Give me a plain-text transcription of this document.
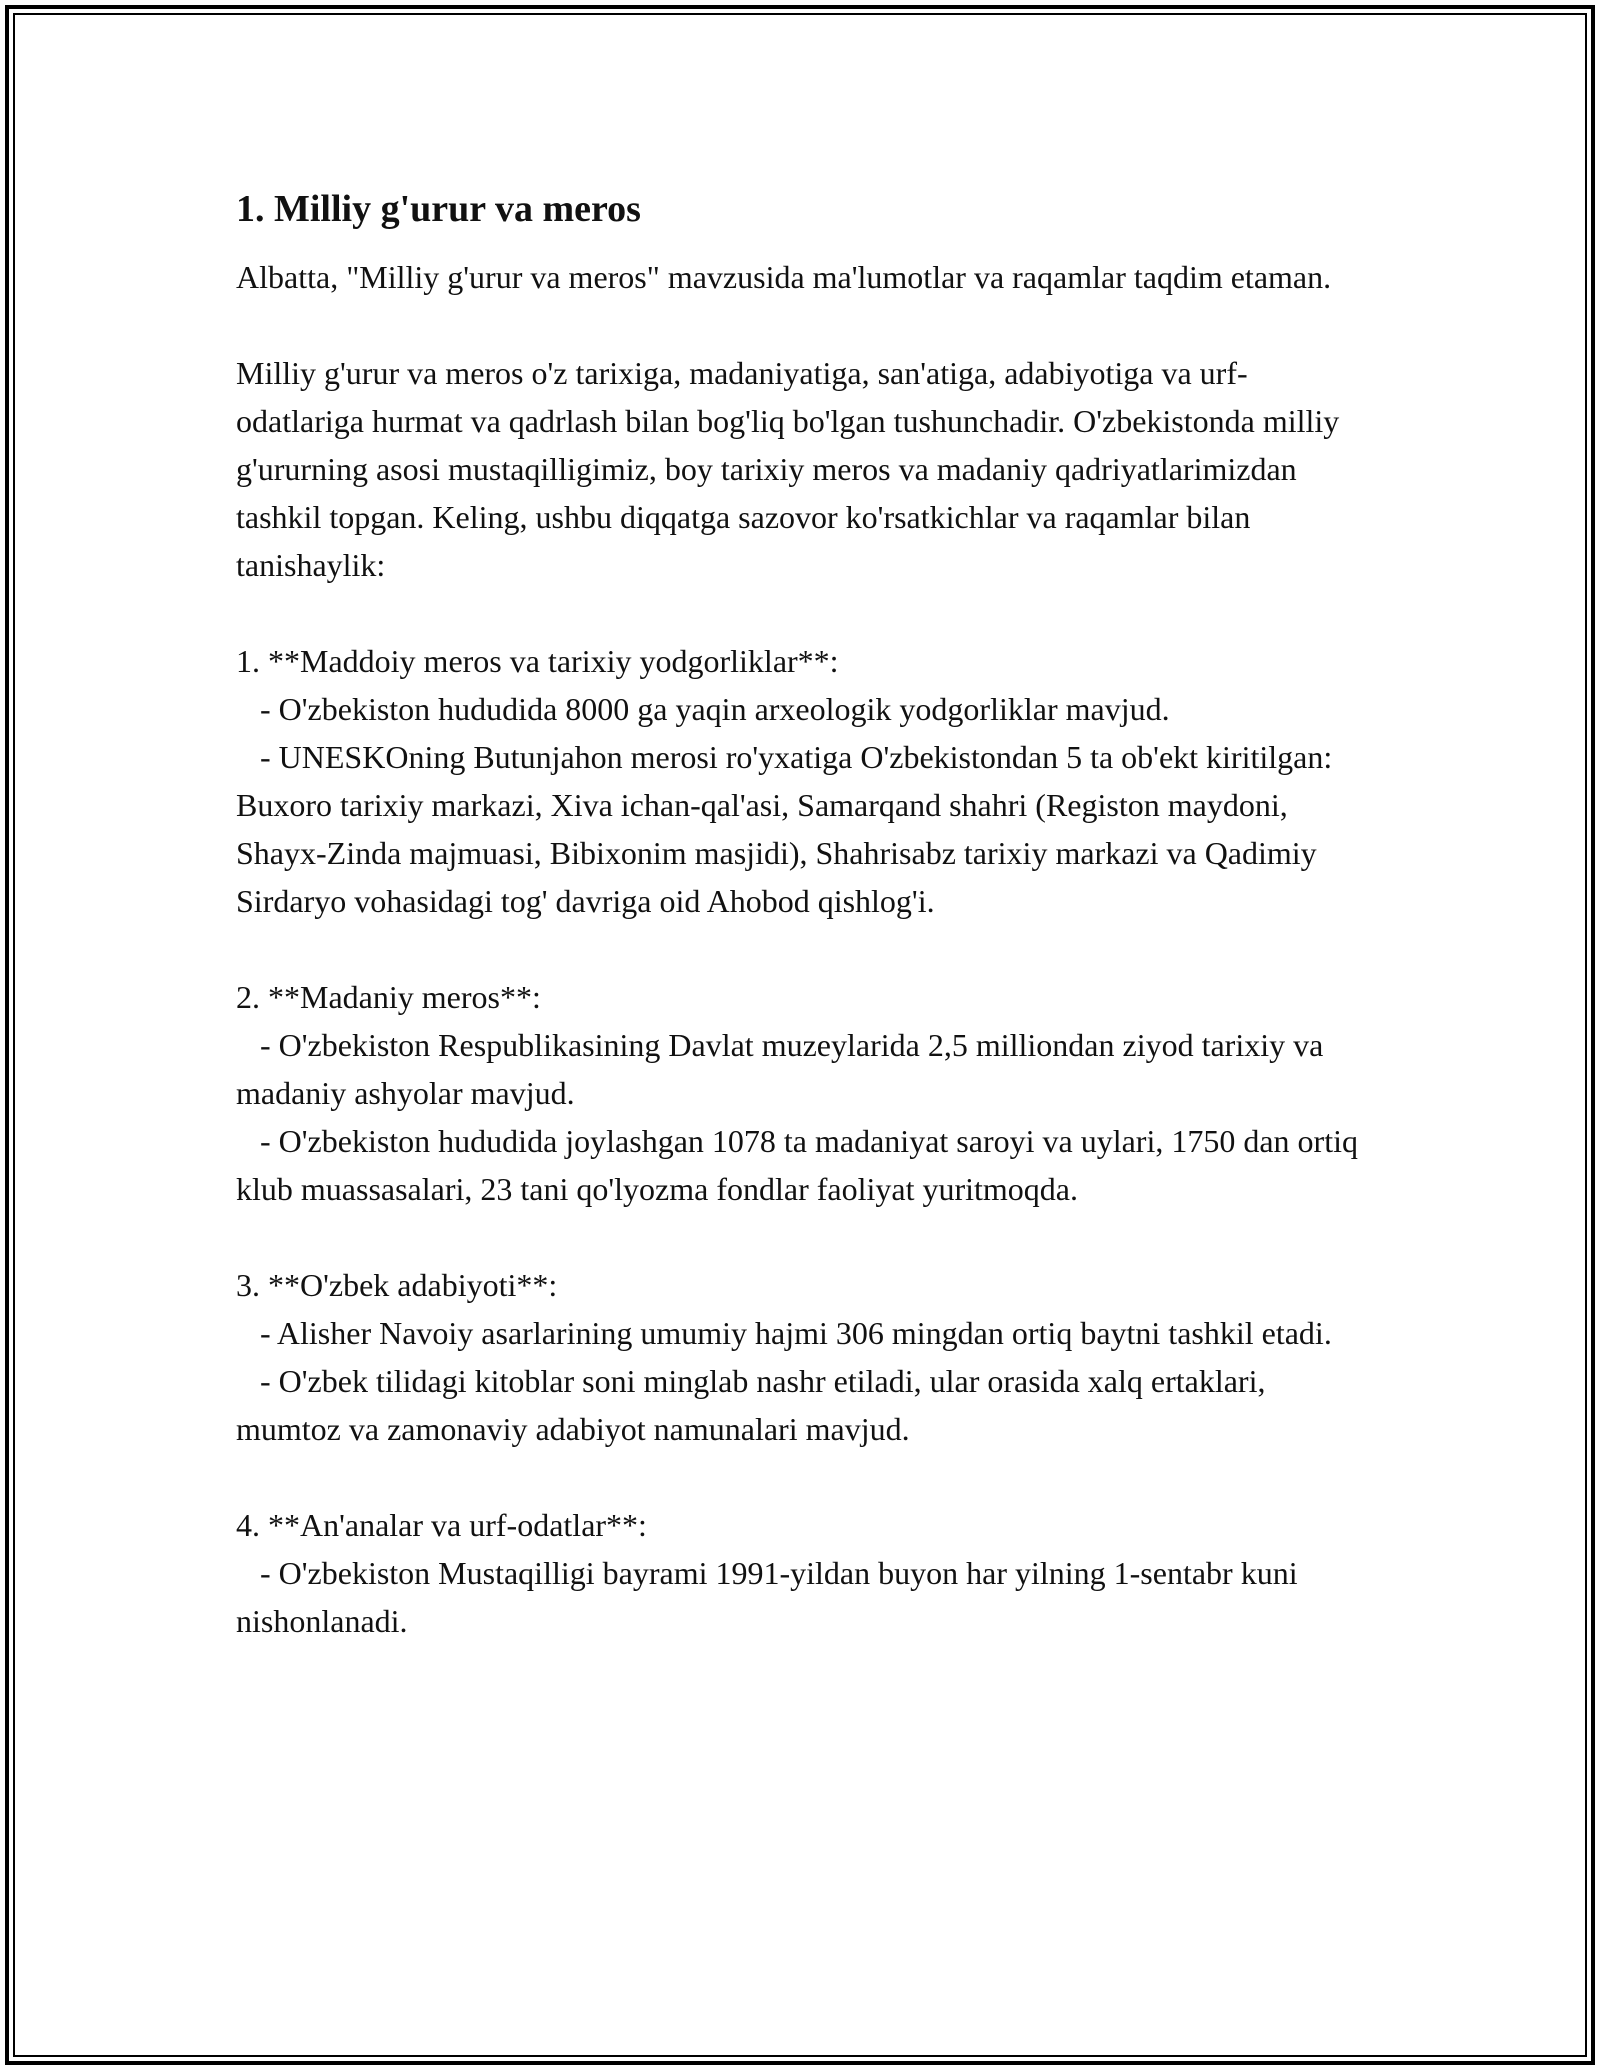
1. Milliy g'urur va meros

Albatta, "Milliy g'urur va meros" mavzusida ma'lumotlar va raqamlar taqdim etaman.

Milliy g'urur va meros o'z tarixiga, madaniyatiga, san'atiga, adabiyotiga va urf-odatlariga hurmat va qadrlash bilan bog'liq bo'lgan tushunchadir. O'zbekistonda milliy g'ururning asosi mustaqilligimiz, boy tarixiy meros va madaniy qadriyatlarimizdan tashkil topgan. Keling, ushbu diqqatga sazovor ko'rsatkichlar va raqamlar bilan tanishaylik:

1. **Maddoiy meros va tarixiy yodgorliklar**:

- O'zbekiston hududida 8000 ga yaqin arxeologik yodgorliklar mavjud.

- UNESKOning Butunjahon merosi ro'yxatiga O'zbekistondan 5 ta ob'ekt kiritilgan: Buxoro tarixiy markazi, Xiva ichan-qal'asi, Samarqand shahri (Registon maydoni, Shayx-Zinda majmuasi, Bibixonim masjidi), Shahrisabz tarixiy markazi va Qadimiy Sirdaryo vohasidagi tog' davriga oid Ahobod qishlog'i.

2. **Madaniy meros**:

- O'zbekiston Respublikasining Davlat muzeylarida 2,5 milliondan ziyod tarixiy va madaniy ashyolar mavjud.

- O'zbekiston hududida joylashgan 1078 ta madaniyat saroyi va uylari, 1750 dan ortiq klub muassasalari, 23 tani qo'lyozma fondlar faoliyat yuritmoqda.

3. **O'zbek adabiyoti**:

- Alisher Navoiy asarlarining umumiy hajmi 306 mingdan ortiq baytni tashkil etadi.

- O'zbek tilidagi kitoblar soni minglab nashr etiladi, ular orasida xalq ertaklari, mumtoz va zamonaviy adabiyot namunalari mavjud.

4. **An'analar va urf-odatlar**:

- O'zbekiston Mustaqilligi bayrami 1991-yildan buyon har yilning 1-sentabr kuni nishonlanadi.
